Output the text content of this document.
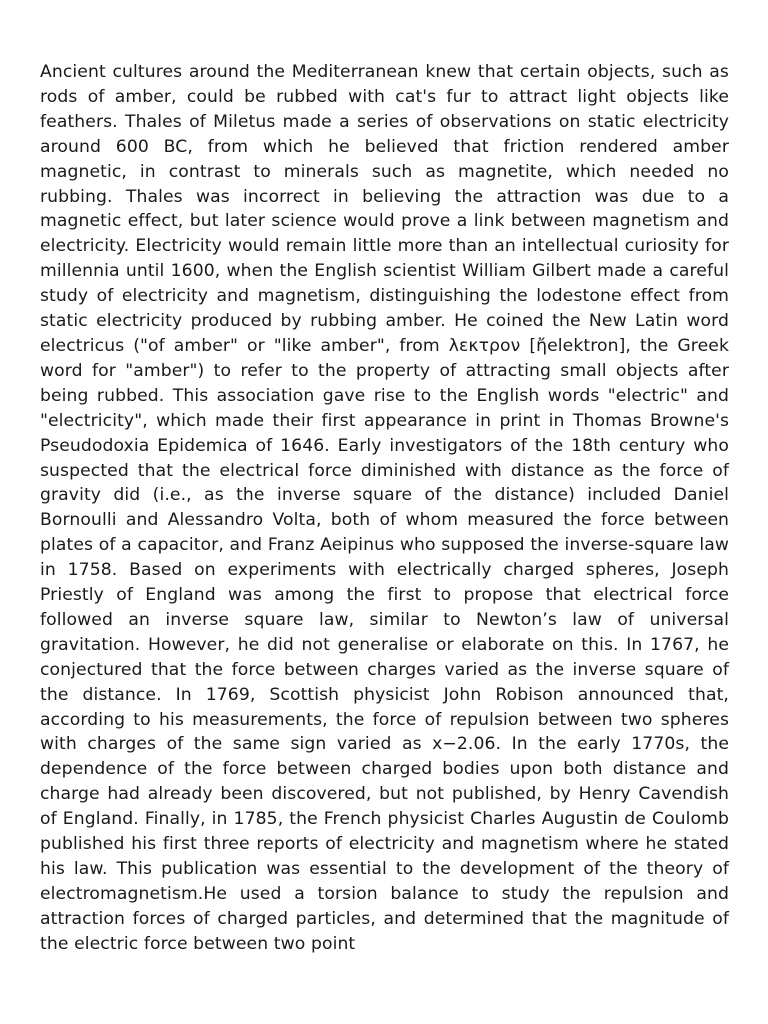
Ancient cultures around the Mediterranean knew that certain objects, such as rods of amber, could be rubbed with cat's fur to attract light objects like feathers. Thales of Miletus made a series of observations on static electricity around 600 BC, from which he believed that friction rendered amber magnetic, in contrast to minerals such as magnetite, which needed no rubbing. Thales was incorrect in believing the attraction was due to a magnetic effect, but later science would prove a link between magnetism and electricity. Electricity would remain little more than an intellectual curiosity for millennia until 1600, when the English scientist William Gilbert made a careful study of electricity and magnetism, distinguishing the lodestone effect from static electricity produced by rubbing amber. He coined the New Latin word electricus ("of amber" or "like amber", from λεκτρον [ἤelektron], the Greek word for "amber") to refer to the property of attracting small objects after being rubbed. This association gave rise to the English words "electric" and "electricity", which made their first appearance in print in Thomas Browne's Pseudodoxia Epidemica of 1646. Early investigators of the 18th century who suspected that the electrical force diminished with distance as the force of gravity did (i.e., as the inverse square of the distance) included Daniel Bornoulli and Alessandro Volta, both of whom measured the force between plates of a capacitor, and Franz Aeipinus who supposed the inverse-square law in 1758. Based on experiments with electrically charged spheres, Joseph Priestly of England was among the first to propose that electrical force followed an inverse square law, similar to Newton’s law of universal gravitation. However, he did not generalise or elaborate on this. In 1767, he conjectured that the force between charges varied as the inverse square of the distance. In 1769, Scottish physicist John Robison announced that, according to his measurements, the force of repulsion between two spheres with charges of the same sign varied as x−2.06. In the early 1770s, the dependence of the force between charged bodies upon both distance and charge had already been discovered, but not published, by Henry Cavendish of England. Finally, in 1785, the French physicist Charles Augustin de Coulomb published his first three reports of electricity and magnetism where he stated his law. This publication was essential to the development of the theory of electromagnetism.He used a torsion balance to study the repulsion and attraction forces of charged particles, and determined that the magnitude of the electric force between two point
